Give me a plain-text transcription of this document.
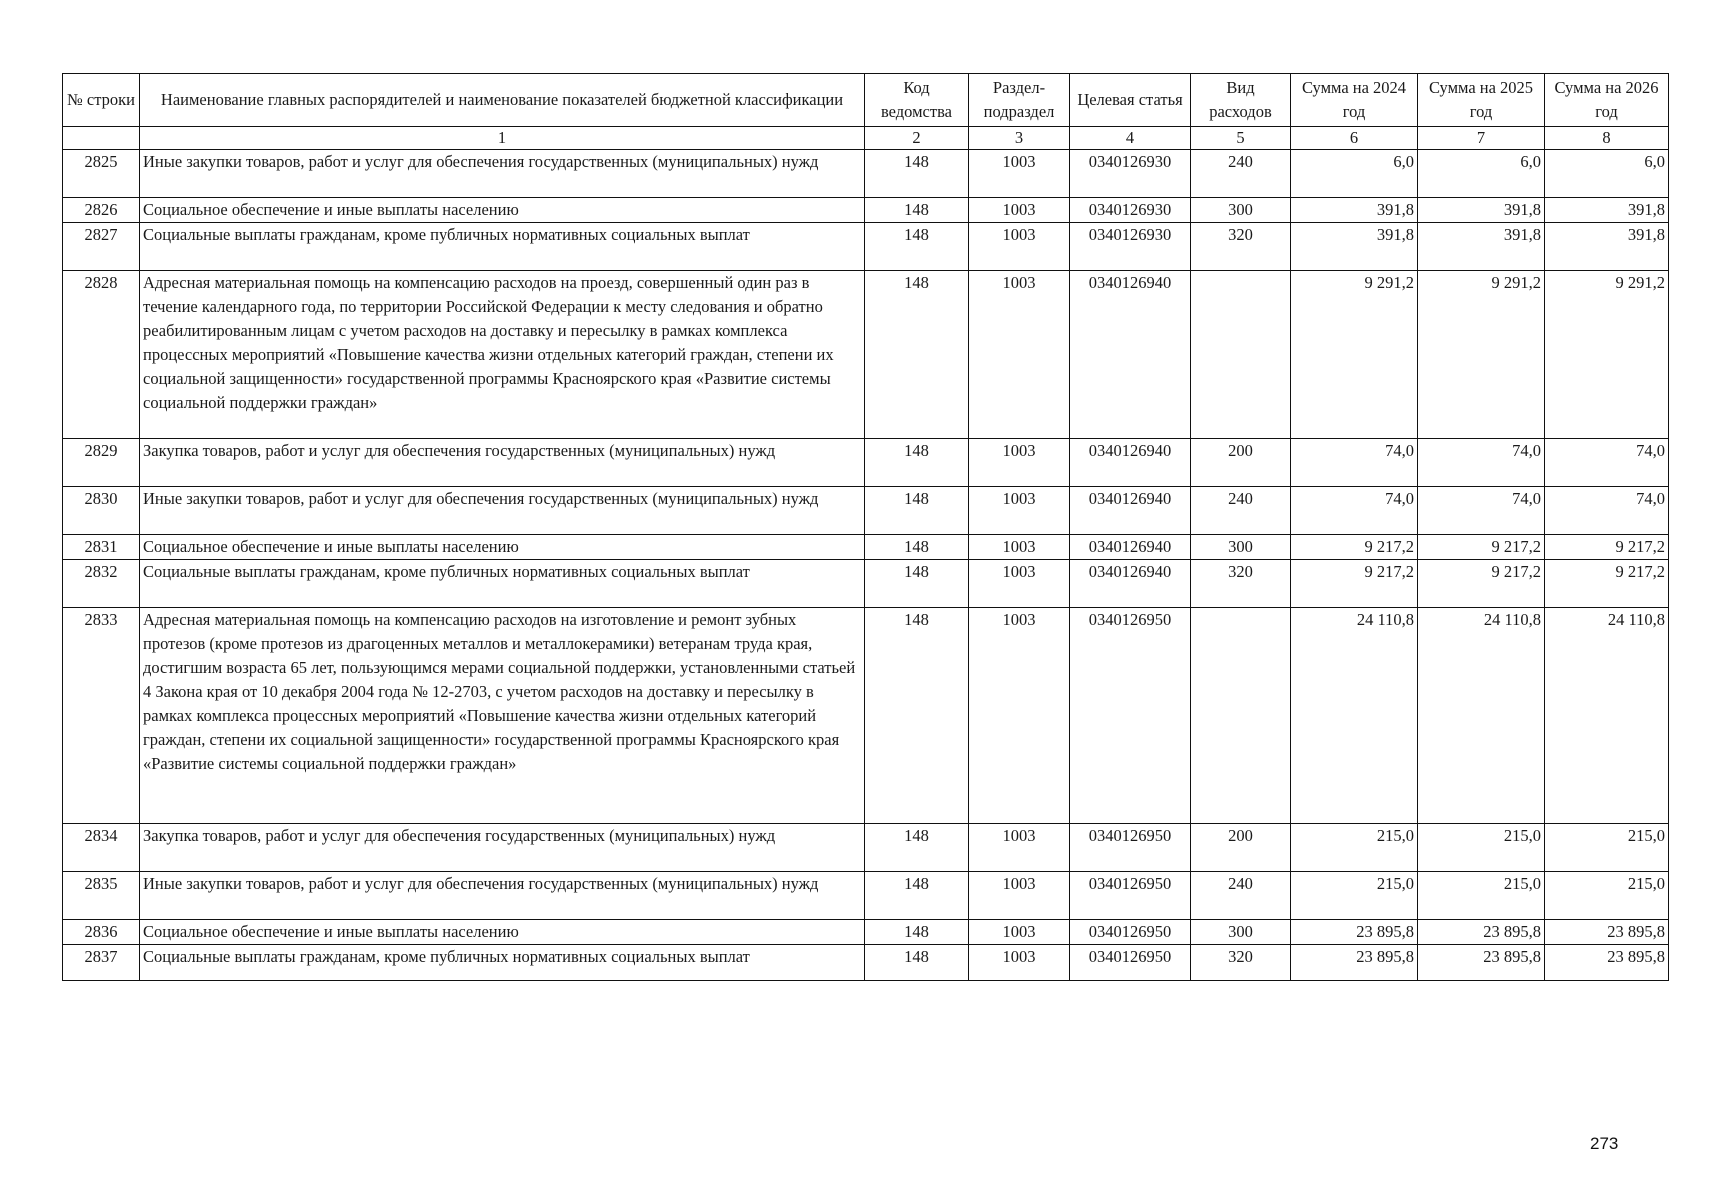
№ строки	Наименование главных распорядителей и наименование показателей бюджетной классификации	Код ведомства	Раздел-подраздел	Целевая статья	Вид расходов	Сумма на 2024 год	Сумма на 2025 год	Сумма на 2026 год
	1	2	3	4	5	6	7	8
2825	Иные закупки товаров, работ и услуг для обеспечения государственных (муниципальных) нужд	148	1003	0340126930	240	6,0	6,0	6,0
2826	Социальное обеспечение и иные выплаты населению	148	1003	0340126930	300	391,8	391,8	391,8
2827	Социальные выплаты гражданам, кроме публичных нормативных социальных выплат	148	1003	0340126930	320	391,8	391,8	391,8
2828	Адресная материальная помощь на компенсацию расходов на проезд, совершенный один раз в течение календарного года, по территории Российской Федерации к месту следования и обратно реабилитированным лицам с учетом расходов на доставку и пересылку в рамках комплекса процессных мероприятий «Повышение качества жизни отдельных категорий граждан, степени их социальной защищенности» государственной программы Красноярского края «Развитие системы социальной поддержки граждан»	148	1003	0340126940		9 291,2	9 291,2	9 291,2
2829	Закупка товаров, работ и услуг для обеспечения государственных (муниципальных) нужд	148	1003	0340126940	200	74,0	74,0	74,0
2830	Иные закупки товаров, работ и услуг для обеспечения государственных (муниципальных) нужд	148	1003	0340126940	240	74,0	74,0	74,0
2831	Социальное обеспечение и иные выплаты населению	148	1003	0340126940	300	9 217,2	9 217,2	9 217,2
2832	Социальные выплаты гражданам, кроме публичных нормативных социальных выплат	148	1003	0340126940	320	9 217,2	9 217,2	9 217,2
2833	Адресная материальная помощь на компенсацию расходов на изготовление и ремонт зубных протезов (кроме протезов из драгоценных металлов и металлокерамики) ветеранам труда края, достигшим возраста 65 лет, пользующимся мерами социальной поддержки, установленными статьей 4 Закона края от 10 декабря 2004 года № 12-2703, с учетом расходов на доставку и пересылку в рамках комплекса процессных мероприятий «Повышение качества жизни отдельных категорий граждан, степени их социальной защищенности» государственной программы Красноярского края «Развитие системы социальной поддержки граждан»	148	1003	0340126950		24 110,8	24 110,8	24 110,8
2834	Закупка товаров, работ и услуг для обеспечения государственных (муниципальных) нужд	148	1003	0340126950	200	215,0	215,0	215,0
2835	Иные закупки товаров, работ и услуг для обеспечения государственных (муниципальных) нужд	148	1003	0340126950	240	215,0	215,0	215,0
2836	Социальное обеспечение и иные выплаты населению	148	1003	0340126950	300	23 895,8	23 895,8	23 895,8
2837	Социальные выплаты гражданам, кроме публичных нормативных социальных выплат	148	1003	0340126950	320	23 895,8	23 895,8	23 895,8
273
